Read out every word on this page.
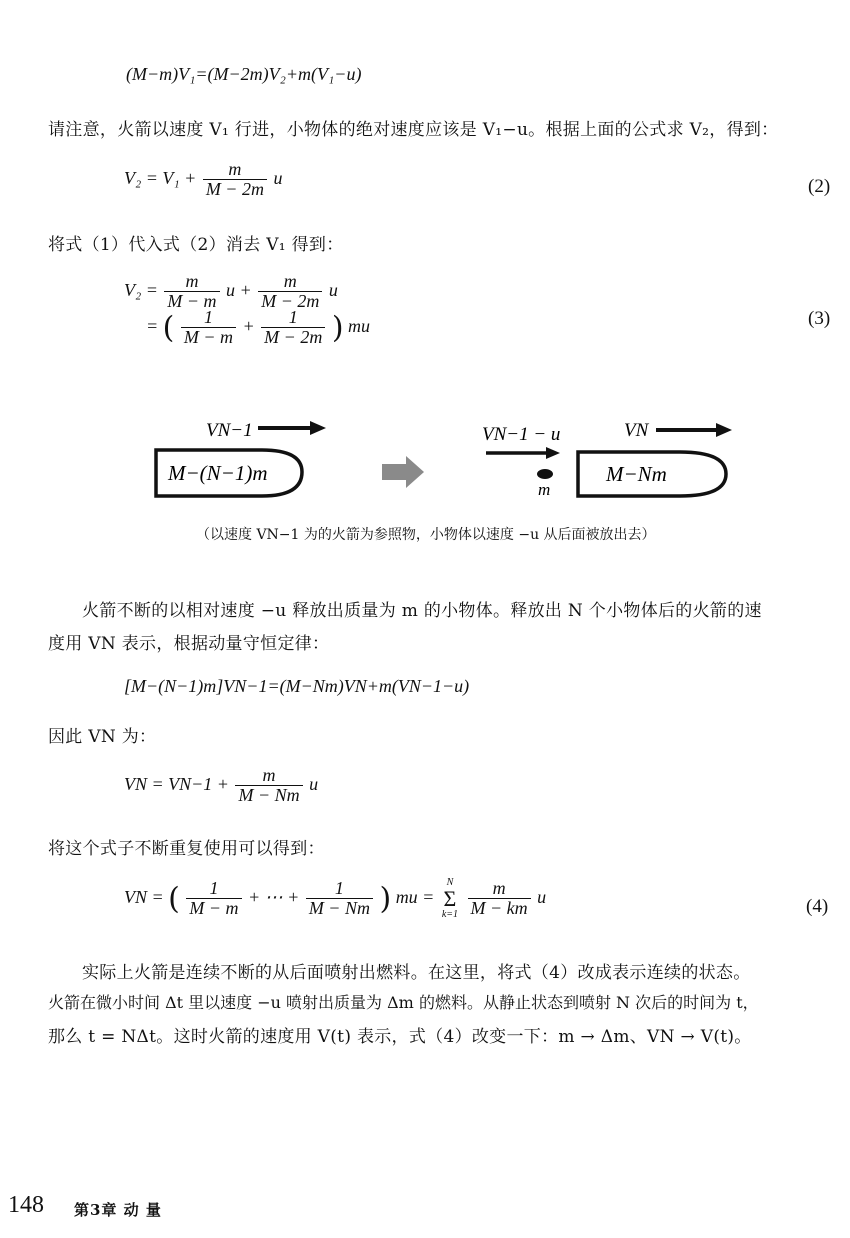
(M−m)V₁=(M−2m)V₂+m(V₁−u)
请注意，火箭以速度 V₁ 行进，小物体的绝对速度应该是 V₁−u。根据上面的公式求 V₂，得到：
$V_2 = V_1 + \frac{m}{M - 2m}$ u	(2)
将式（1）代入式（2）消去 V₁ 得到：
$V_2 = \frac{m}{M - m}$ $u + \frac{m}{M - 2m}$ u
= ( $\frac{1}{M - m} + \frac{1}{M - 2m}$ ) mu	(3)
VN−1
M−(N−1)m
VN−1 − u
m
VN
M−Nm
（以速度 VN−1 为的火箭为参照物，小物体以速度 −u 从后面被放出去）
火箭不断的以相对速度 −u 释放出质量为 m 的小物体。释放出 N 个小物体后的火箭的速
度用 VN 表示，根据动量守恒定律：
[M−(N−1)m]VN−1=(M−Nm)VN+m(VN−1−u)
因此 VN 为：
VN = $VN-1 + \frac{m}{M - Nm}$ u
将这个式子不断重复使用可以得到：
VN = ( $\frac{1}{M - m}$ + ⋯ + $\frac{1}{M - Nm}$ ) mu =
N
Σ
k=1
$\frac{m}{M - km}$ u	(4)
实际上火箭是连续不断的从后面喷射出燃料。在这里，将式（4）改成表示连续的状态。
火箭在微小时间 Δt 里以速度 −u 喷射出质量为 Δm 的燃料。从静止状态到喷射 N 次后的时间为 t，
那么 t = NΔt。这时火箭的速度用 V(t) 表示，式（4）改变一下：m → Δm、VN → V(t)。
148 第3章 动 量
